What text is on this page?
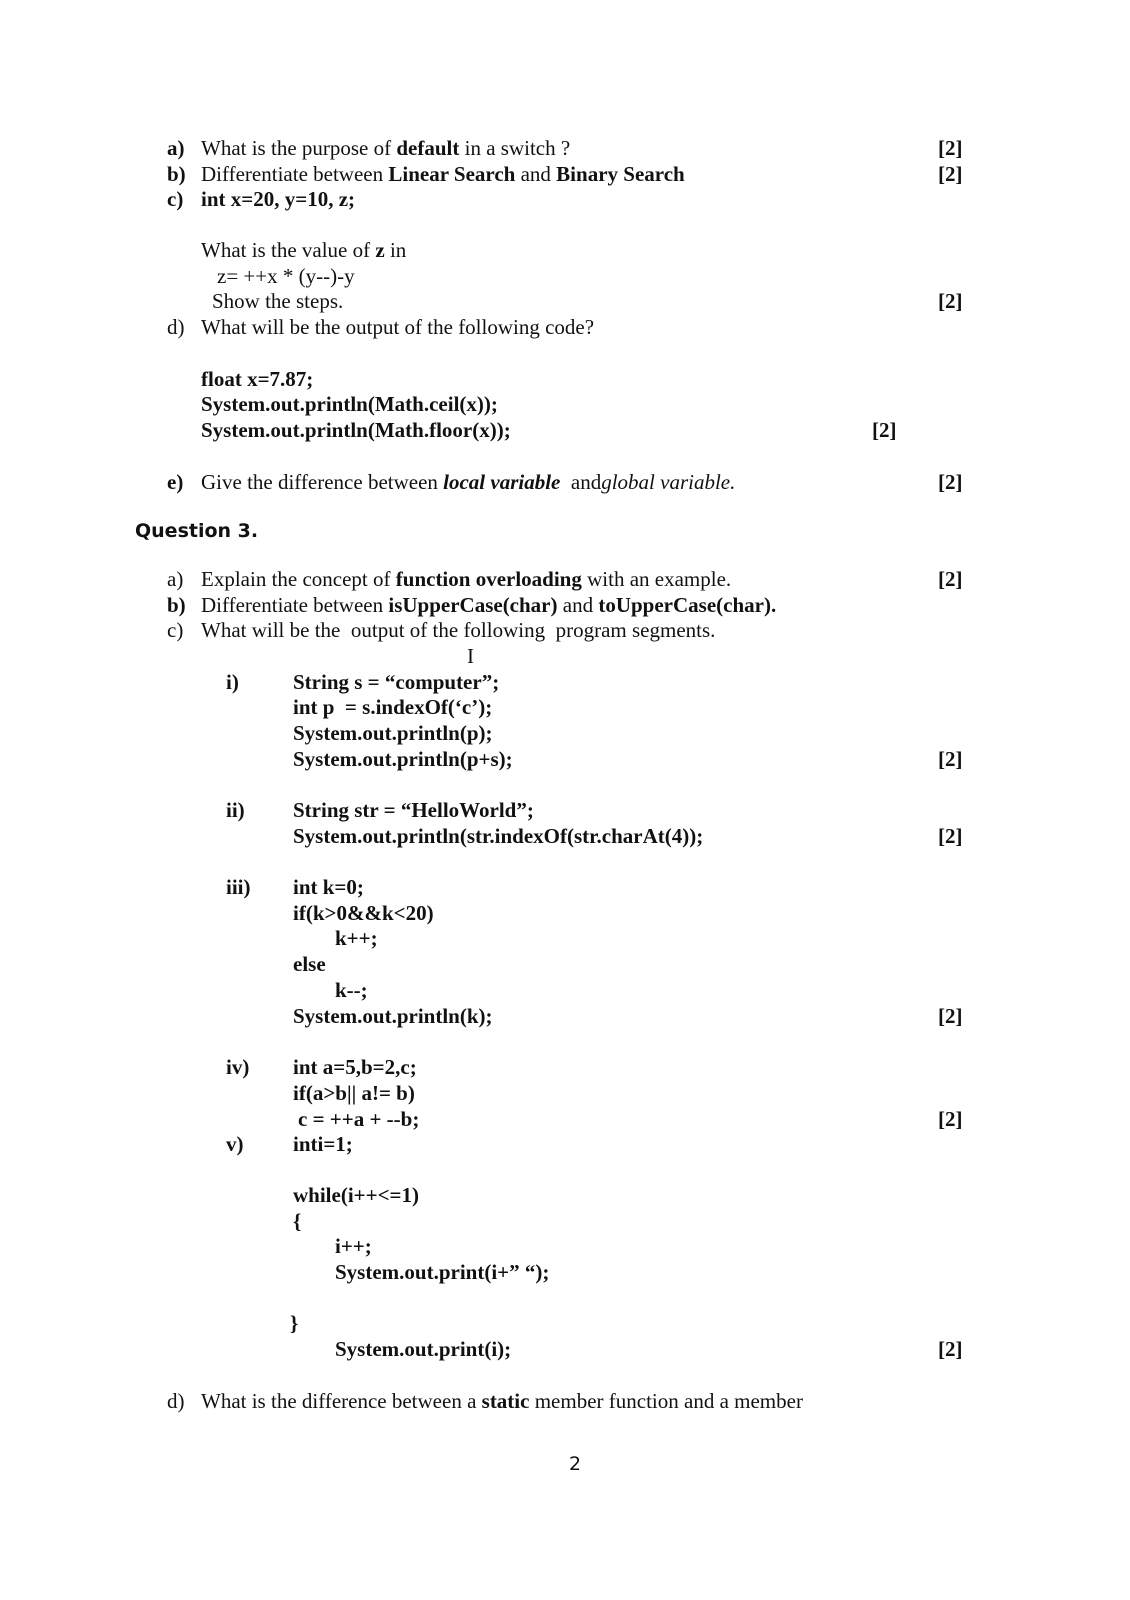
a) What is the purpose of default in a switch ?	[2]
b) Differentiate between Linear Search and Binary Search	[2]
c) int x=20, y=10, z;
What is the value of z in
z= ++x * (y--)-y
Show the steps.	[2]
d) What will be the output of the following code?
float x=7.87;
System.out.println(Math.ceil(x));
System.out.println(Math.floor(x));	[2]
e) Give the difference between local variable  andglobal variable.	[2]
Question 3.
a) Explain the concept of function overloading with an example.	[2]
b) Differentiate between isUpperCase(char) and toUpperCase(char).
c) What will be the  output of the following  program segments.
I
i)	String s = “computer”;
int p  = s.indexOf(‘c’);
System.out.println(p);
System.out.println(p+s);	[2]
ii) String str = “HelloWorld”;
System.out.println(str.indexOf(str.charAt(4));	[2]
iii) int k=0;
if(k>0&&k<20)
k++;
else
k--;
System.out.println(k);	[2]
iv) int a=5,b=2,c;
if(a>b|| a!= b)
c = ++a + --b;	[2]
v) inti=1;
while(i++<=1)
{
i++;
System.out.print(i+” “);
}
System.out.print(i);	[2]
d) What is the difference between a static member function and a member
2
